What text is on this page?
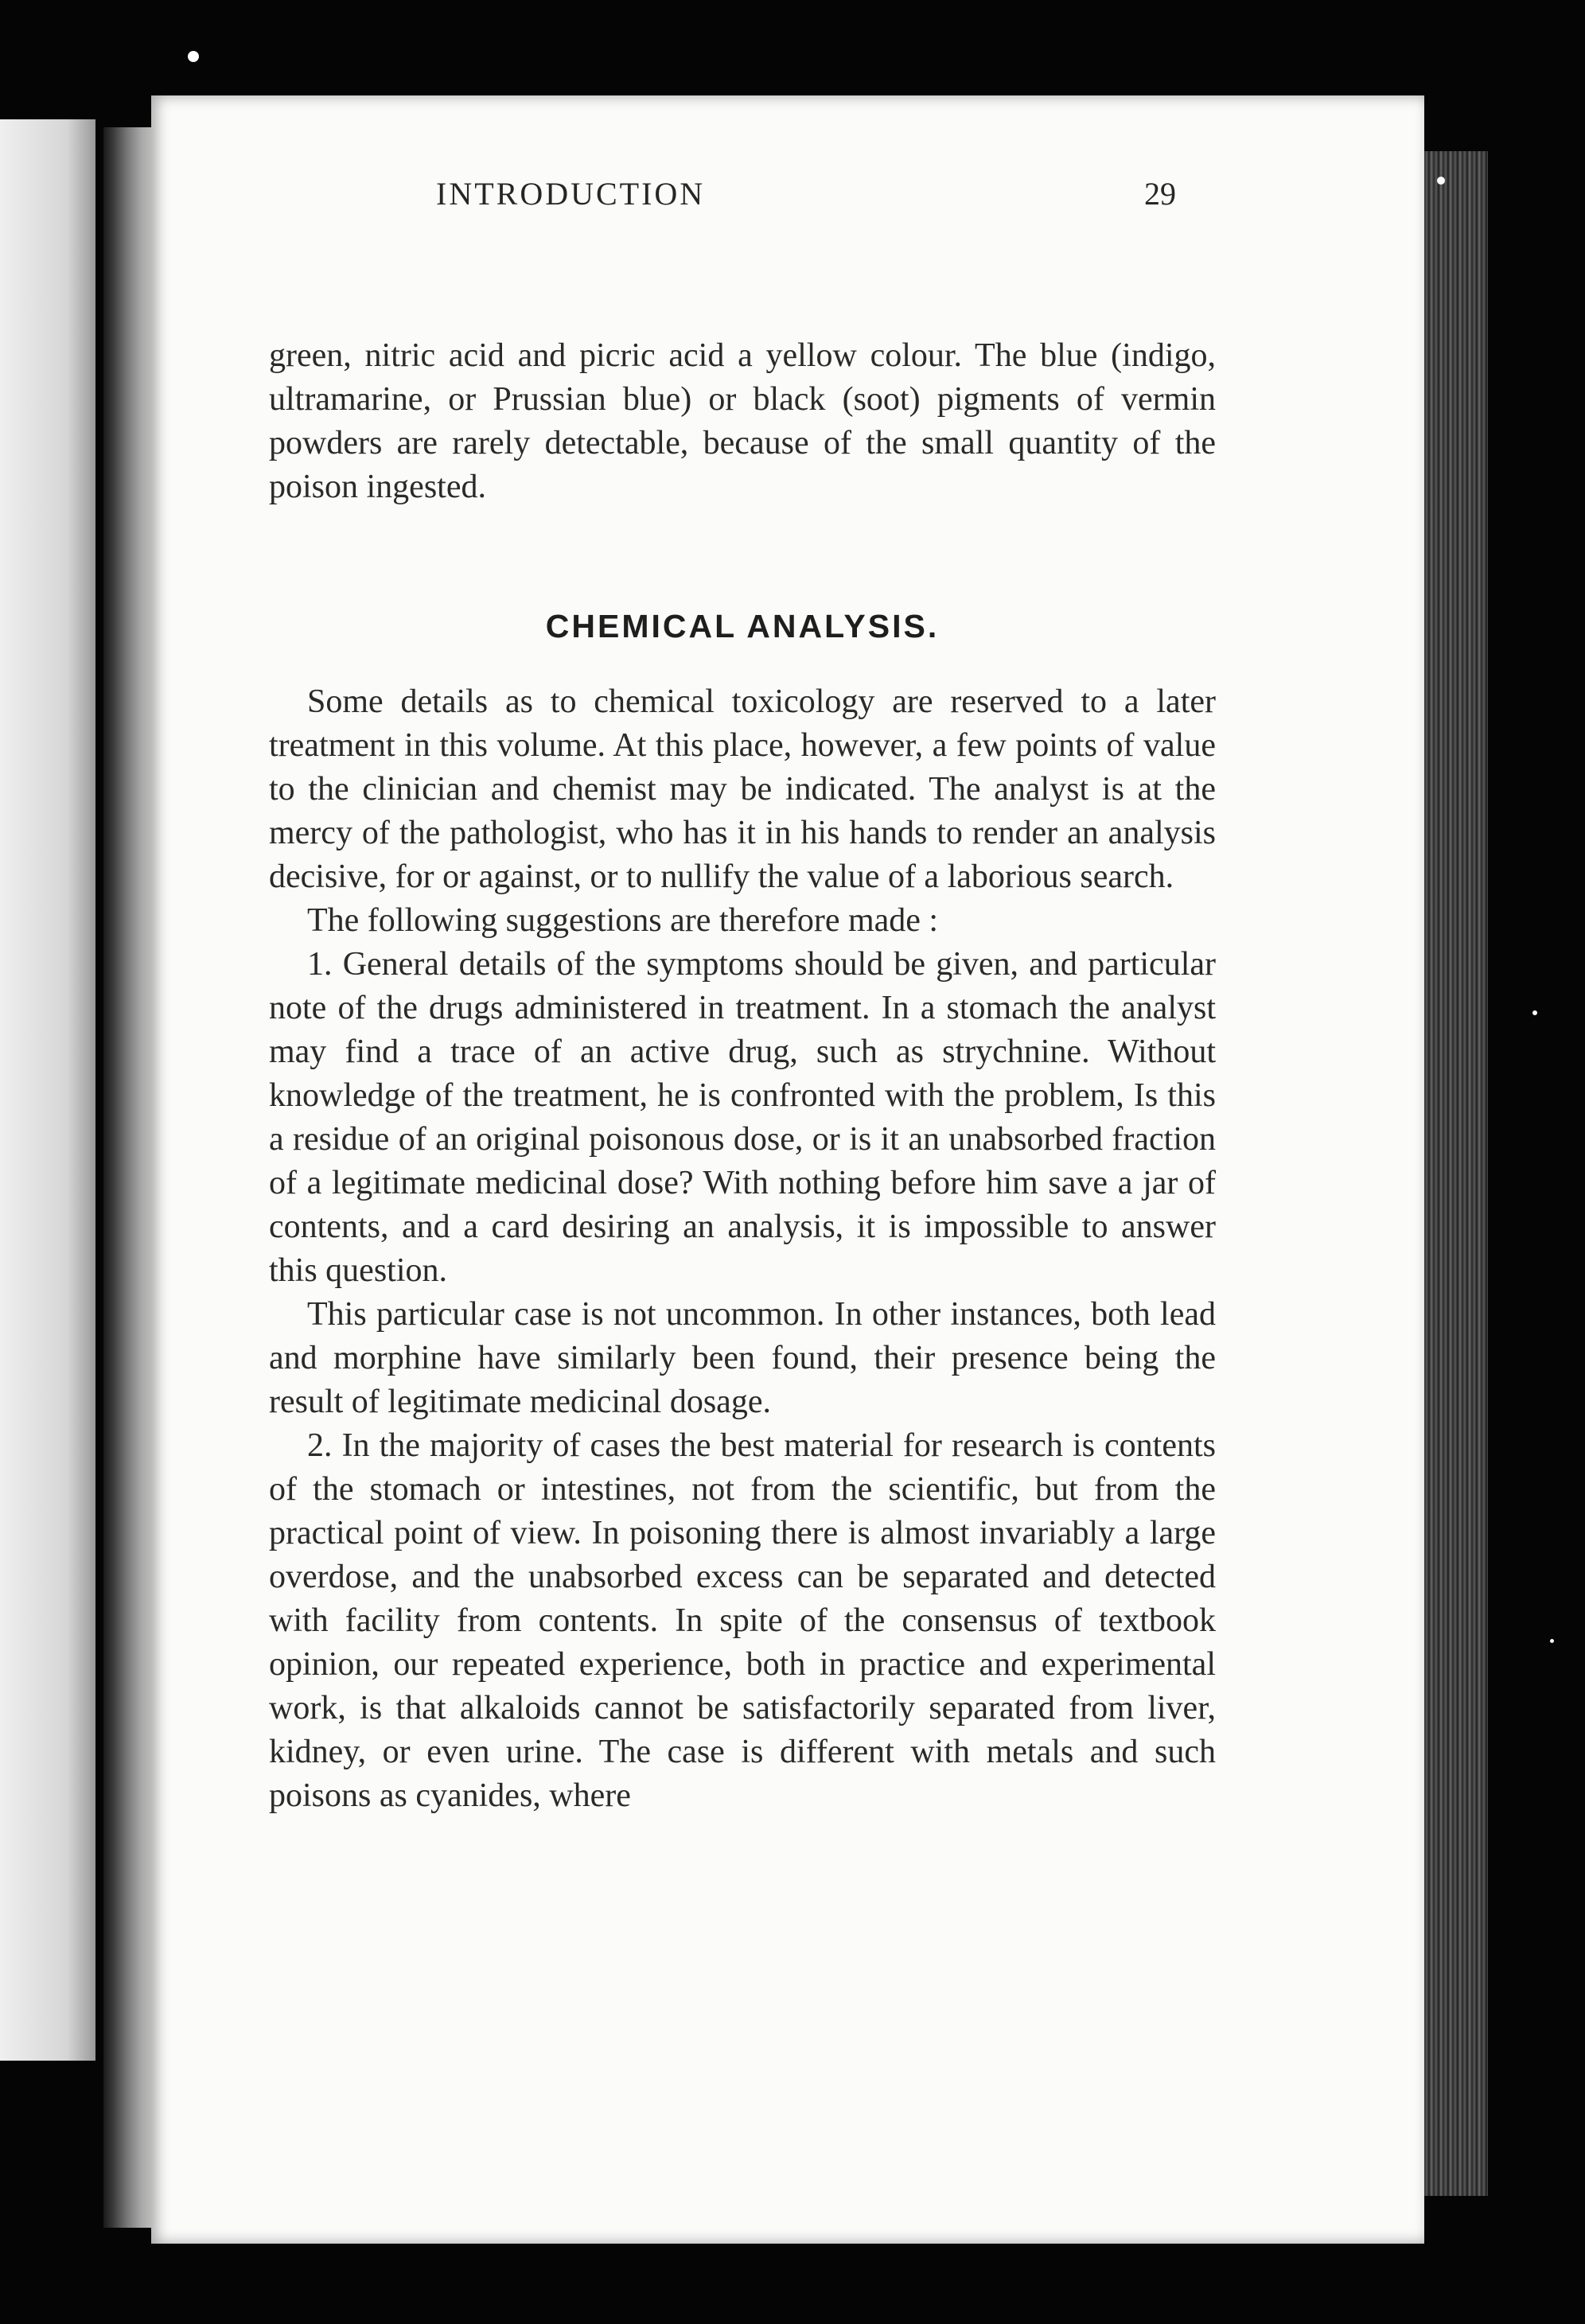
INTRODUCTION	29

green, nitric acid and picric acid a yellow colour. The blue (indigo, ultramarine, or Prussian blue) or black (soot) pigments of vermin powders are rarely detectable, because of the small quantity of the poison ingested.

CHEMICAL ANALYSIS.

Some details as to chemical toxicology are reserved to a later treatment in this volume. At this place, however, a few points of value to the clinician and chemist may be indicated. The analyst is at the mercy of the pathologist, who has it in his hands to render an analysis decisive, for or against, or to nullify the value of a laborious search.

The following suggestions are therefore made :

1. General details of the symptoms should be given, and particular note of the drugs administered in treatment. In a stomach the analyst may find a trace of an active drug, such as strychnine. Without knowledge of the treatment, he is confronted with the problem, Is this a residue of an original poisonous dose, or is it an unabsorbed fraction of a legitimate medicinal dose? With nothing before him save a jar of contents, and a card desiring an analysis, it is impossible to answer this question.

This particular case is not uncommon. In other instances, both lead and morphine have similarly been found, their presence being the result of legitimate medicinal dosage.

2. In the majority of cases the best material for research is contents of the stomach or intestines, not from the scientific, but from the practical point of view. In poisoning there is almost invariably a large overdose, and the unabsorbed excess can be separated and detected with facility from contents. In spite of the consensus of textbook opinion, our repeated experience, both in practice and experimental work, is that alkaloids cannot be satisfactorily separated from liver, kidney, or even urine. The case is different with metals and such poisons as cyanides, where
